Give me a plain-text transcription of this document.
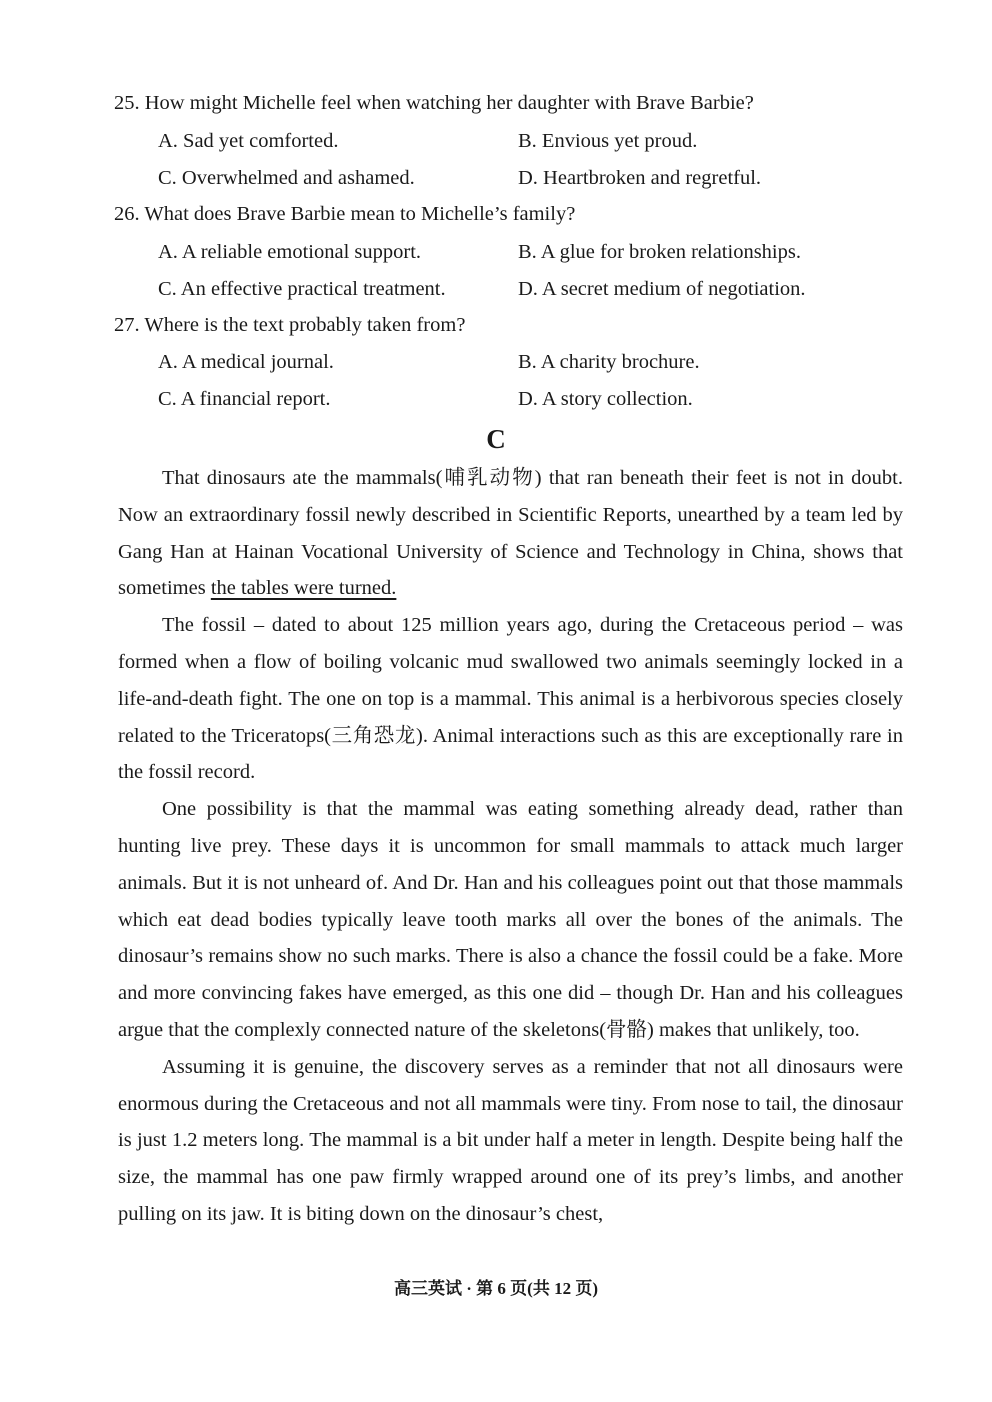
25. How might Michelle feel when watching her daughter with Brave Barbie?
A. Sad yet comforted.	B. Envious yet proud.
C. Overwhelmed and ashamed.	D. Heartbroken and regretful.
26. What does Brave Barbie mean to Michelle’s family?
A. A reliable emotional support.	B. A glue for broken relationships.
C. An effective practical treatment.	D. A secret medium of negotiation.
27. Where is the text probably taken from?
A. A medical journal.	B. A charity brochure.
C. A financial report.	D. A story collection.
C

That dinosaurs ate the mammals(哺乳动物) that ran beneath their feet is not in doubt. Now an extraordinary fossil newly described in Scientific Reports, unearthed by a team led by Gang Han at Hainan Vocational University of Science and Technology in China, shows that sometimes the tables were turned.

The fossil – dated to about 125 million years ago, during the Cretaceous period – was formed when a flow of boiling volcanic mud swallowed two animals seemingly locked in a life-and-death fight. The one on top is a mammal. This animal is a herbivorous species closely related to the Triceratops(三角恐龙). Animal interactions such as this are exceptionally rare in the fossil record.

One possibility is that the mammal was eating something already dead, rather than hunting live prey. These days it is uncommon for small mammals to attack much larger animals. But it is not unheard of. And Dr. Han and his colleagues point out that those mammals which eat dead bodies typically leave tooth marks all over the bones of the animals. The dinosaur’s remains show no such marks. There is also a chance the fossil could be a fake. More and more convincing fakes have emerged, as this one did – though Dr. Han and his colleagues argue that the complexly connected nature of the skeletons(骨骼) makes that unlikely, too.

Assuming it is genuine, the discovery serves as a reminder that not all dinosaurs were enormous during the Cretaceous and not all mammals were tiny. From nose to tail, the dinosaur is just 1.2 meters long. The mammal is a bit under half a meter in length. Despite being half the size, the mammal has one paw firmly wrapped around one of its prey’s limbs, and another pulling on its jaw. It is biting down on the dinosaur’s chest,

高三英试 · 第 6 页(共 12 页)
